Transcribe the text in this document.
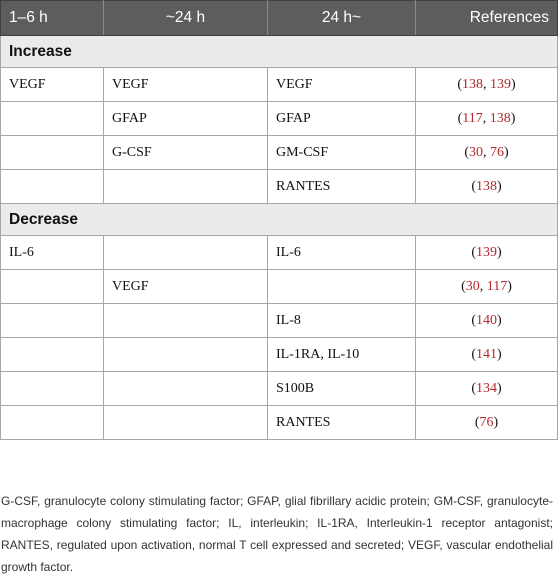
1–6 h	~24 h	24 h~	References
Increase			
VEGF	VEGF	VEGF	(138, 139)
	GFAP	GFAP	(117, 138)
	G-CSF	GM-CSF	(30, 76)
		RANTES	(138)
Decrease			
IL-6		IL-6	(139)
	VEGF		(30, 117)
		IL-8	(140)
		IL-1RA, IL-10	(141)
		S100B	(134)
		RANTES	(76)
G-CSF, granulocyte colony stimulating factor; GFAP, glial fibrillary acidic protein; GM-CSF, granulocyte-macrophage colony stimulating factor; IL, interleukin; IL-1RA, Interleukin-1 receptor antagonist; RANTES, regulated upon activation, normal T cell expressed and secreted; VEGF, vascular endothelial growth factor.
